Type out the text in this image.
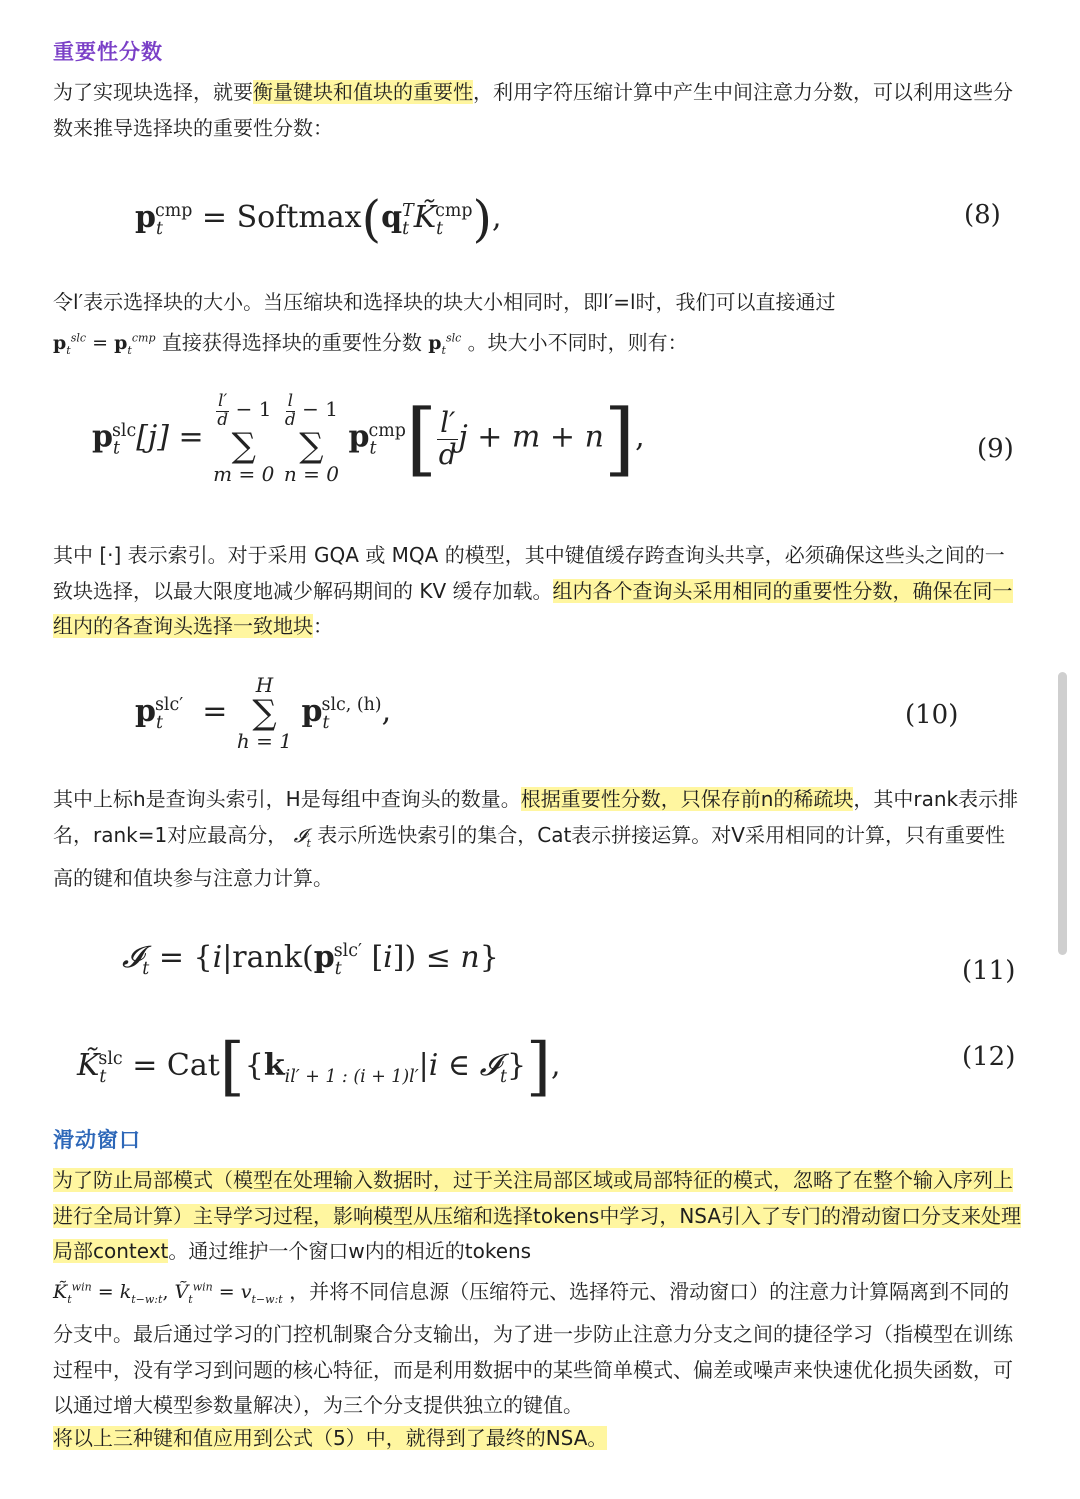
重要性分数

为了实现块选择，就要衡量键块和值块的重要性，利用字符压缩计算中产生中间注意力分数，可以利用这些分数来推导选择块的重要性分数：

$p_t^{cmp}$ = $Softmax(q_t^TK̃_t^{cmp})$,	(8)

令l′表示选择块的大小。当压缩块和选择块的块大小相同时，即l′=l时，我们可以直接通过
$p_t^{slc} = p_t^{cmp}$ 直接获得选择块的重要性分数 $p_t^{slc}$ 。块大小不同时，则有：

$p_t^{slc}[j] = \frac{l'}{d} - 1$
∑
$m = 0 \frac{l}{d} - 1$
∑
n = 0 $p_t^{cmp}[\frac{l'}{d}j + m + n]$,	(9)

其中 [·] 表示索引。对于采用 GQA 或 MQA 的模型，其中键值缓存跨查询头共享，必须确保这些头之间的一致块选择，以最大限度地减少解码期间的 KV 缓存加载。组内各个查询头采用相同的重要性分数，确保在同一组内的各查询头选择一致地块：

$p_t^{slc'} = H$
∑
h = 1 $p_t^{slc, (h)}$,	(10)

其中上标h是查询头索引，H是每组中查询头的数量。根据重要性分数，只保存前n的稀疏块，其中rank表示排名，rank=1对应最高分， 𝓘$_t$ 表示所选快索引的集合，Cat表示拼接运算。对V采用相同的计算，只有重要性高的键和值块参与注意力计算。

𝓘$_t$ = {$i|rank(p_t^{slc'}$ [i]) ≤ n}	(11)
$K̃_t^{slc} = Cat[\{k_{il' + 1 : (i + 1)l'}|i$ ∈ 𝓘$_t$}],	(12)
滑动窗口

为了防止局部模式（模型在处理输入数据时，过于关注局部区域或局部特征的模式，忽略了在整个输入序列上进行全局计算）主导学习过程，影响模型从压缩和选择tokens中学习，NSA引入了专门的滑动窗口分支来处理局部context。通过维护一个窗口w内的相近的tokens
$K̃_t^{win} = k_{t-w:t}$, Ṽ$_t^{win}$ = $v_{t-w:t}$ ，并将不同信息源（压缩符元、选择符元、滑动窗口）的注意力计算隔离到不同的分支中。最后通过学习的门控机制聚合分支输出，为了进一步防止注意力分支之间的捷径学习（指模型在训练过程中，没有学习到问题的核心特征，而是利用数据中的某些简单模式、偏差或噪声来快速优化损失函数，可以通过增大模型参数量解决），为三个分支提供独立的键值。

将以上三种键和值应用到公式（5）中，就得到了最终的NSA。
